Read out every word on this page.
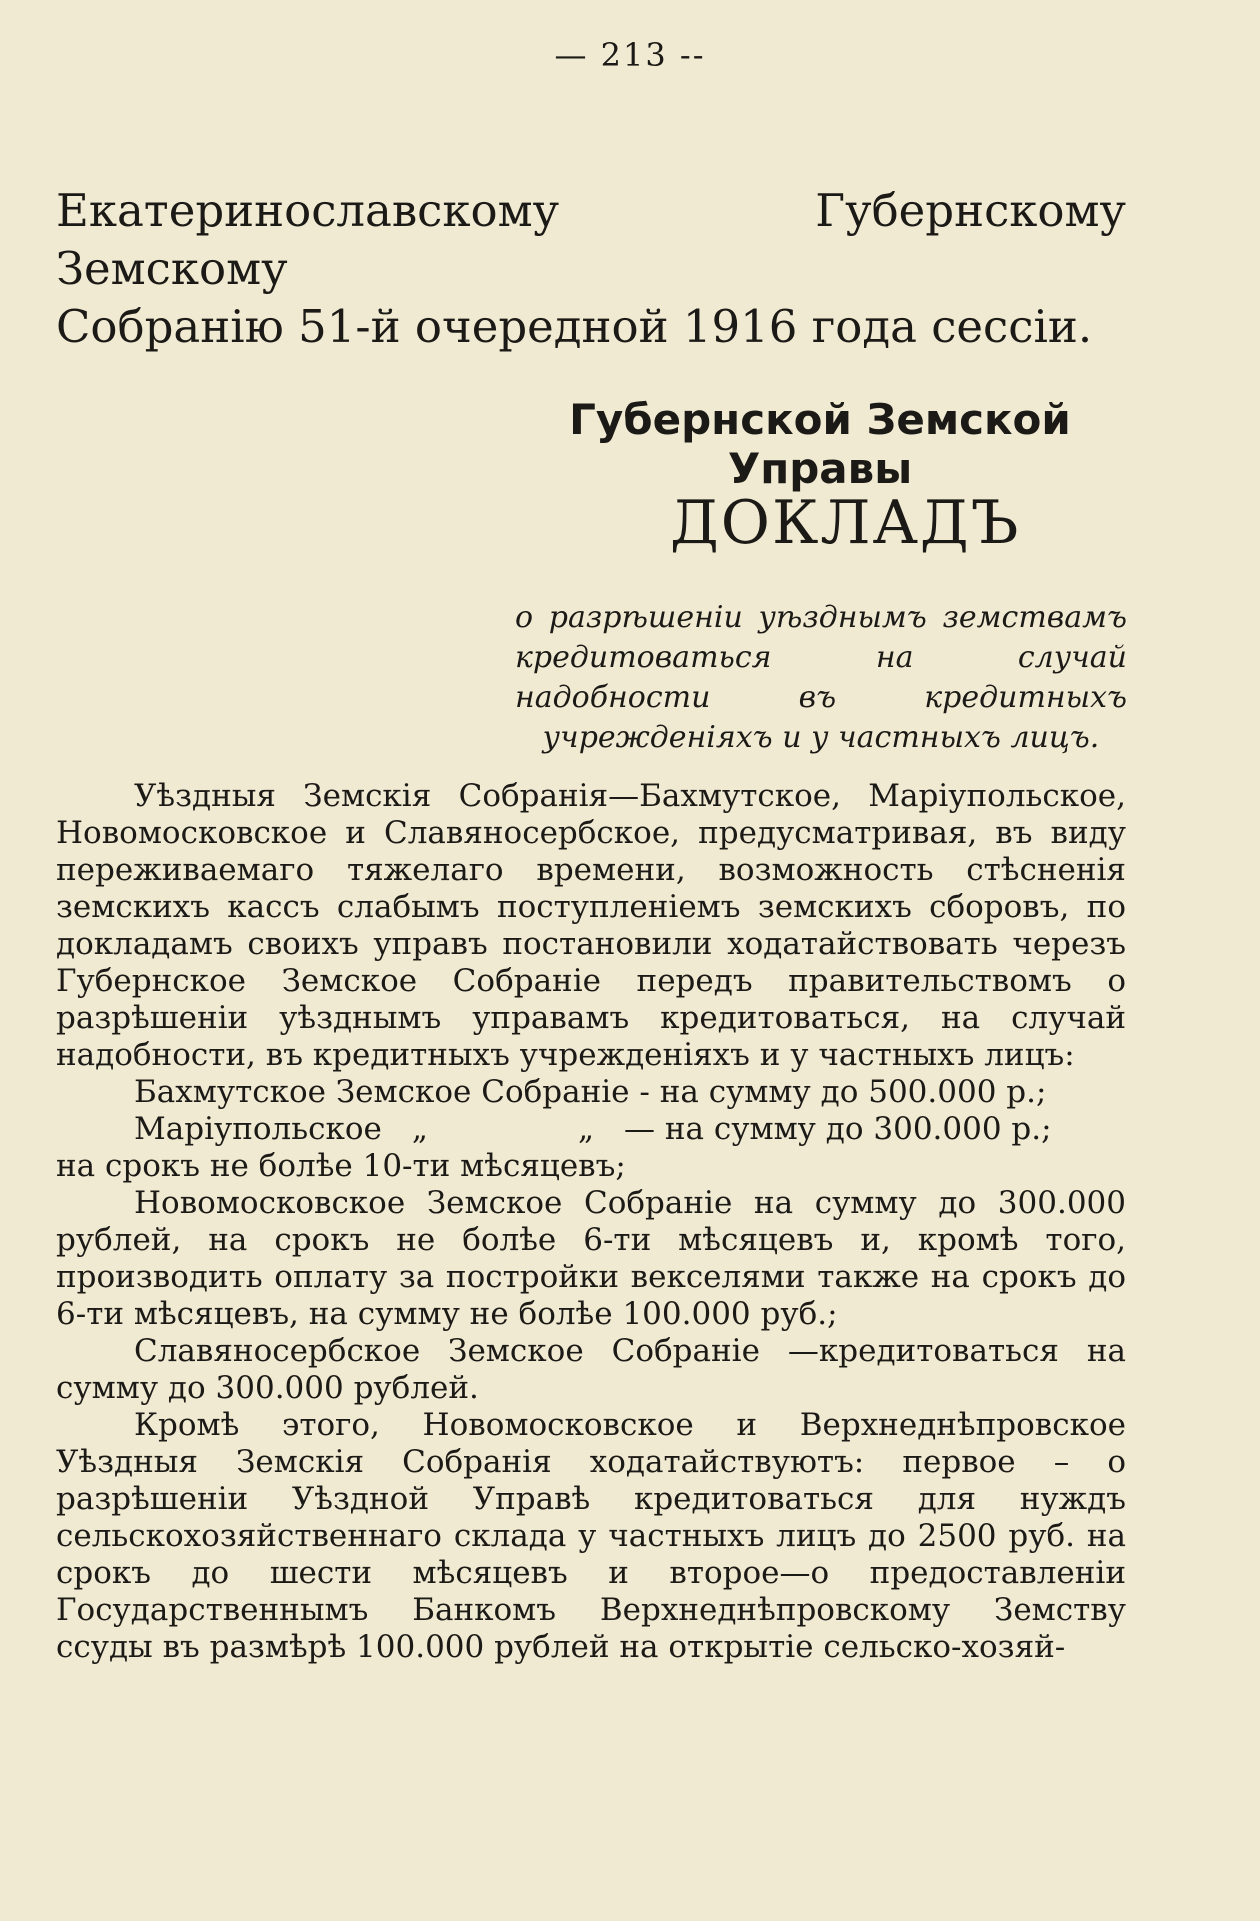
— 213 --
Екатеринославскому Губернскому Земскому
Собранію 51-й очередной 1916 года сессіи.
Губернской Земской Управы
ДОКЛАДЪ
о разрѣшеніи уѣзднымъ земствамъ кредитоваться на случай надобности въ кредитныхъ учрежденіяхъ и у частныхъ лицъ.

Уѣздныя Земскія Собранія—Бахмутское, Маріупольское, Новомосковское и Славяносербское, предусматривая, въ виду переживаемаго тяжелаго времени, возможность стѣсненія земскихъ кассъ слабымъ поступленіемъ земскихъ сборовъ, по докладамъ своихъ управъ постановили ходатайствовать черезъ Губернское Земское Собраніе передъ правительствомъ о разрѣшеніи уѣзднымъ управамъ кредитоваться, на случай надобности, въ кредитныхъ учрежденіяхъ и у частныхъ лицъ:

Бахмутское Земское Собраніе - на сумму до 500.000 р.;

Маріупольское „	„ — на сумму до 300.000 р.;

на срокъ не болѣе 10-ти мѣсяцевъ;

Новомосковское Земское Собраніе на сумму до 300.000 рублей, на срокъ не болѣе 6-ти мѣсяцевъ и, кромѣ того, производить оплату за постройки векселями также на срокъ до 6-ти мѣсяцевъ, на сумму не болѣе 100.000 руб.;

Славяносербское Земское Собраніе —кредитоваться на сумму до 300.000 рублей.

Кромѣ этого, Новомосковское и Верхнеднѣпровское Уѣздныя Земскія Собранія ходатайствуютъ: первое – о разрѣшеніи Уѣздной Управѣ кредитоваться для нуждъ сельскохозяйственнаго склада у частныхъ лицъ до 2500 руб. на срокъ до шести мѣсяцевъ и второе—о предоставленіи Государственнымъ Банкомъ Верхнеднѣпровскому Земству ссуды въ размѣрѣ 100.000 рублей на открытіе сельско-хозяй-
